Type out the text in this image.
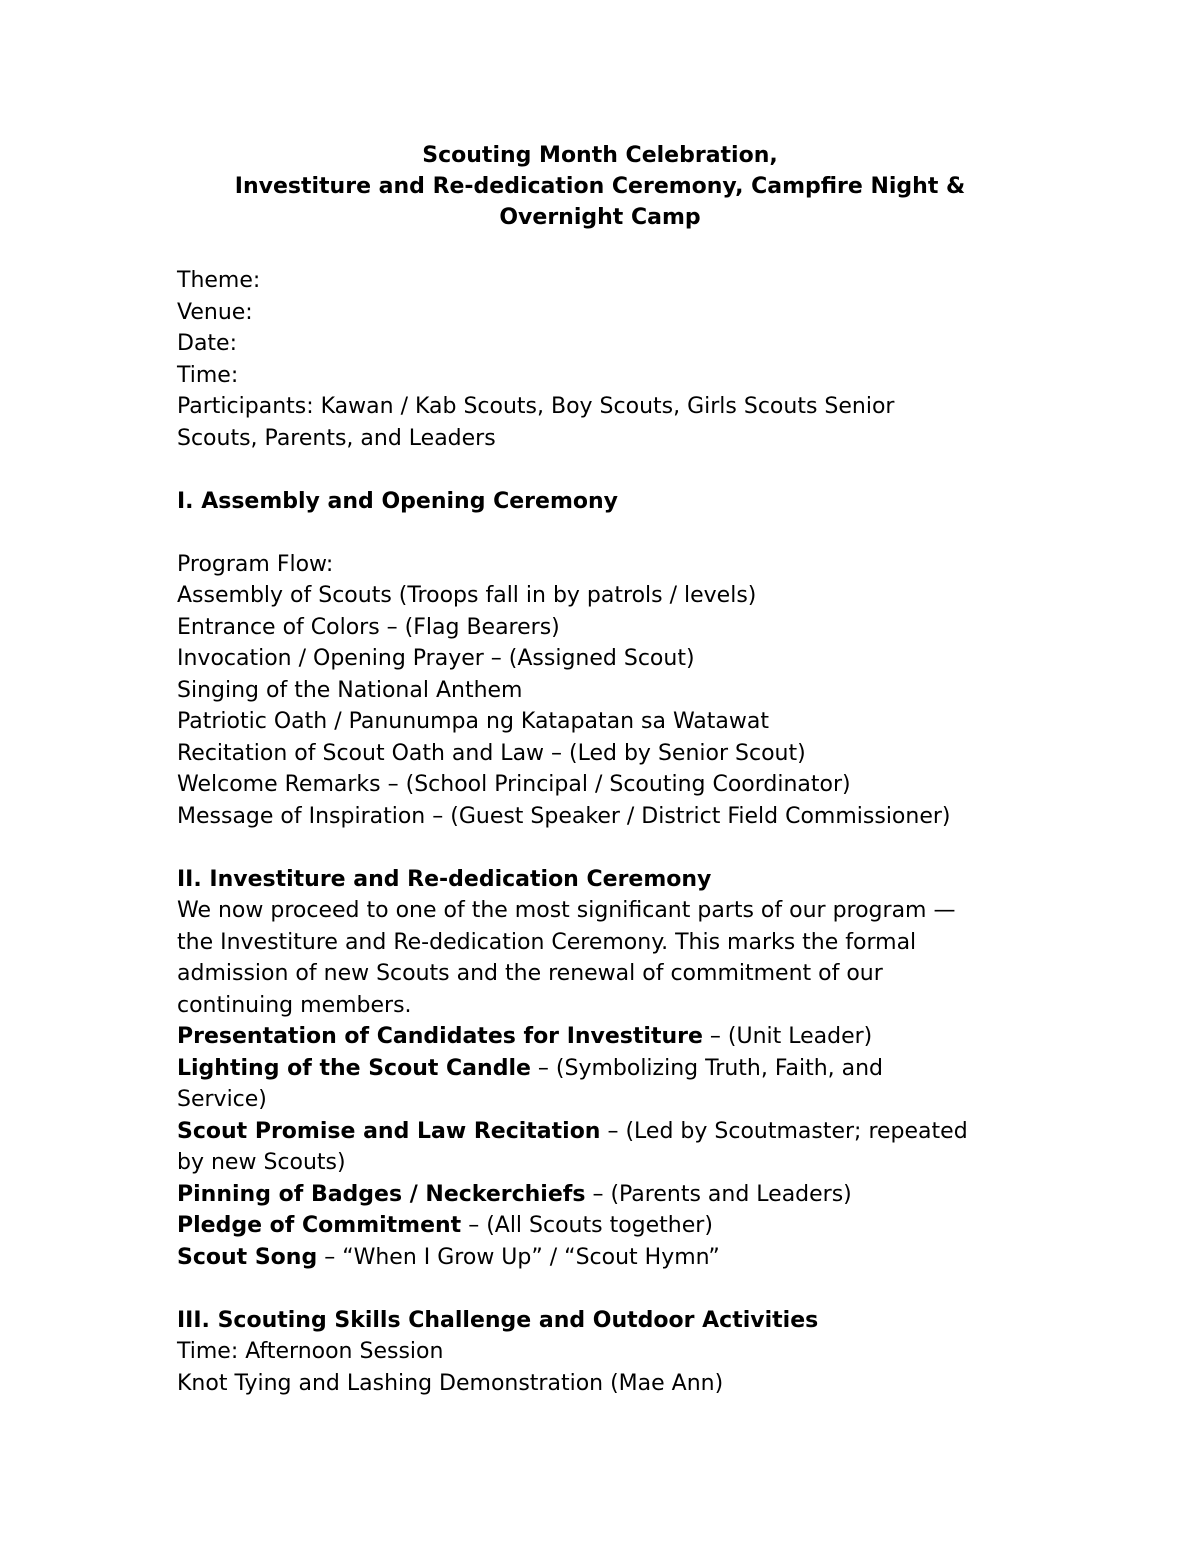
Scouting Month Celebration,
Investiture and Re-dedication Ceremony, Campfire Night &
Overnight Camp
Theme:
Venue:
Date:
Time:
Participants: Kawan / Kab Scouts, Boy Scouts, Girls Scouts Senior
Scouts, Parents, and Leaders
I. Assembly and Opening Ceremony
Program Flow:
Assembly of Scouts (Troops fall in by patrols / levels)
Entrance of Colors – (Flag Bearers)
Invocation / Opening Prayer – (Assigned Scout)
Singing of the National Anthem
Patriotic Oath / Panunumpa ng Katapatan sa Watawat
Recitation of Scout Oath and Law – (Led by Senior Scout)
Welcome Remarks – (School Principal / Scouting Coordinator)
Message of Inspiration – (Guest Speaker / District Field Commissioner)
II. Investiture and Re-dedication Ceremony
We now proceed to one of the most significant parts of our program —
the Investiture and Re-dedication Ceremony. This marks the formal
admission of new Scouts and the renewal of commitment of our
continuing members.
Presentation of Candidates for Investiture – (Unit Leader)
Lighting of the Scout Candle – (Symbolizing Truth, Faith, and
Service)
Scout Promise and Law Recitation – (Led by Scoutmaster; repeated
by new Scouts)
Pinning of Badges / Neckerchiefs – (Parents and Leaders)
Pledge of Commitment – (All Scouts together)
Scout Song – “When I Grow Up” / “Scout Hymn”
III. Scouting Skills Challenge and Outdoor Activities
Time: Afternoon Session
Knot Tying and Lashing Demonstration (Mae Ann)
